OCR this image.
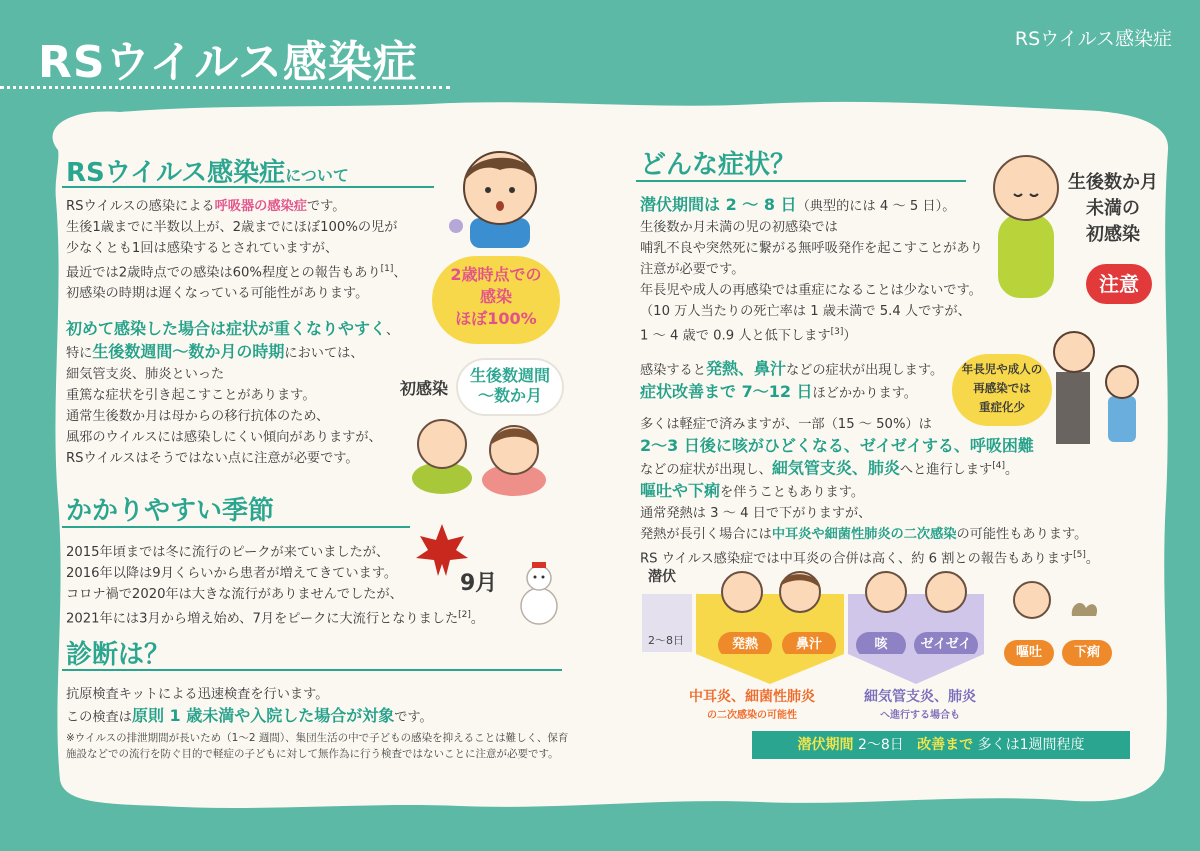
RSウイルス感染症	RSウイルス感染症
RSウイルス感染症について

RSウイルスの感染による呼吸器の感染症です。

生後1歳までに半数以上が、2歳までにほぼ100%の児が

少なくとも1回は感染するとされていますが、

最近では2歳時点での感染は60%程度との報告もあり[1]、

初感染の時期は遅くなっている可能性があります。

初めて感染した場合は症状が重くなりやすく、

特に生後数週間〜数か月の時期においては、

細気管支炎、肺炎といった

重篤な症状を引き起こすことがあります。

通常生後数か月は母からの移行抗体のため、

風邪のウイルスには感染しにくい傾向がありますが、

RSウイルスはそうではない点に注意が必要です。

2歳時点での
感染
ほぼ100%
初感染
生後数週間
〜数か月
かかりやすい季節

2015年頃までは冬に流行のピークが来ていましたが、

2016年以降は9月くらいから患者が増えてきています。

コロナ禍で2020年は大きな流行がありませんでしたが、

2021年には3月から増え始め、7月をピークに大流行となりました[2]。

9月
診断は？

抗原検査キットによる迅速検査を行います。

この検査は原則 1 歳未満や入院した場合が対象です。

※ウイルスの排泄期間が長いため（1〜2 週間）、集団生活の中で子どもの感染を抑えることは難しく、保育
施設などでの流行を防ぐ目的で軽症の子どもに対して無作為に行う検査ではないことに注意が必要です。
どんな症状？

潜伏期間は 2 〜 8 日（典型的には 4 〜 5 日）。

生後数か月未満の児の初感染では

哺乳不良や突然死に繋がる無呼吸発作を起こすことがあり

注意が必要です。

年長児や成人の再感染では重症になることは少ないです。

（10 万人当たりの死亡率は 1 歳未満で 5.4 人ですが、

1 〜 4 歳で 0.9 人と低下します[3]）

感染すると発熱、鼻汁などの症状が出現します。

症状改善まで 7〜12 日ほどかかります。

多くは軽症で済みますが、一部（15 〜 50%）は

2〜3 日後に咳がひどくなる、ゼイゼイする、呼吸困難

などの症状が出現し、細気管支炎、肺炎へと進行します[4]。

嘔吐や下痢を伴うこともあります。

通常発熱は 3 〜 4 日で下がりますが、

発熱が長引く場合には中耳炎や細菌性肺炎の二次感染の可能性もあります。

RS ウイルス感染症では中耳炎の合併は高く、約 6 割との報告もあります[5]。

生後数か月
未満の
初感染
注意
年長児や成人の
再感染では
重症化少
潜伏
2〜8日	発熱	鼻汁	咳	ゼイゼイ
嘔吐	下痢
中耳炎、細菌性肺炎
の二次感染の可能性
細気管支炎、肺炎
へ進行する場合も
潜伏期間 2〜8日 改善まで 多くは1週間程度
